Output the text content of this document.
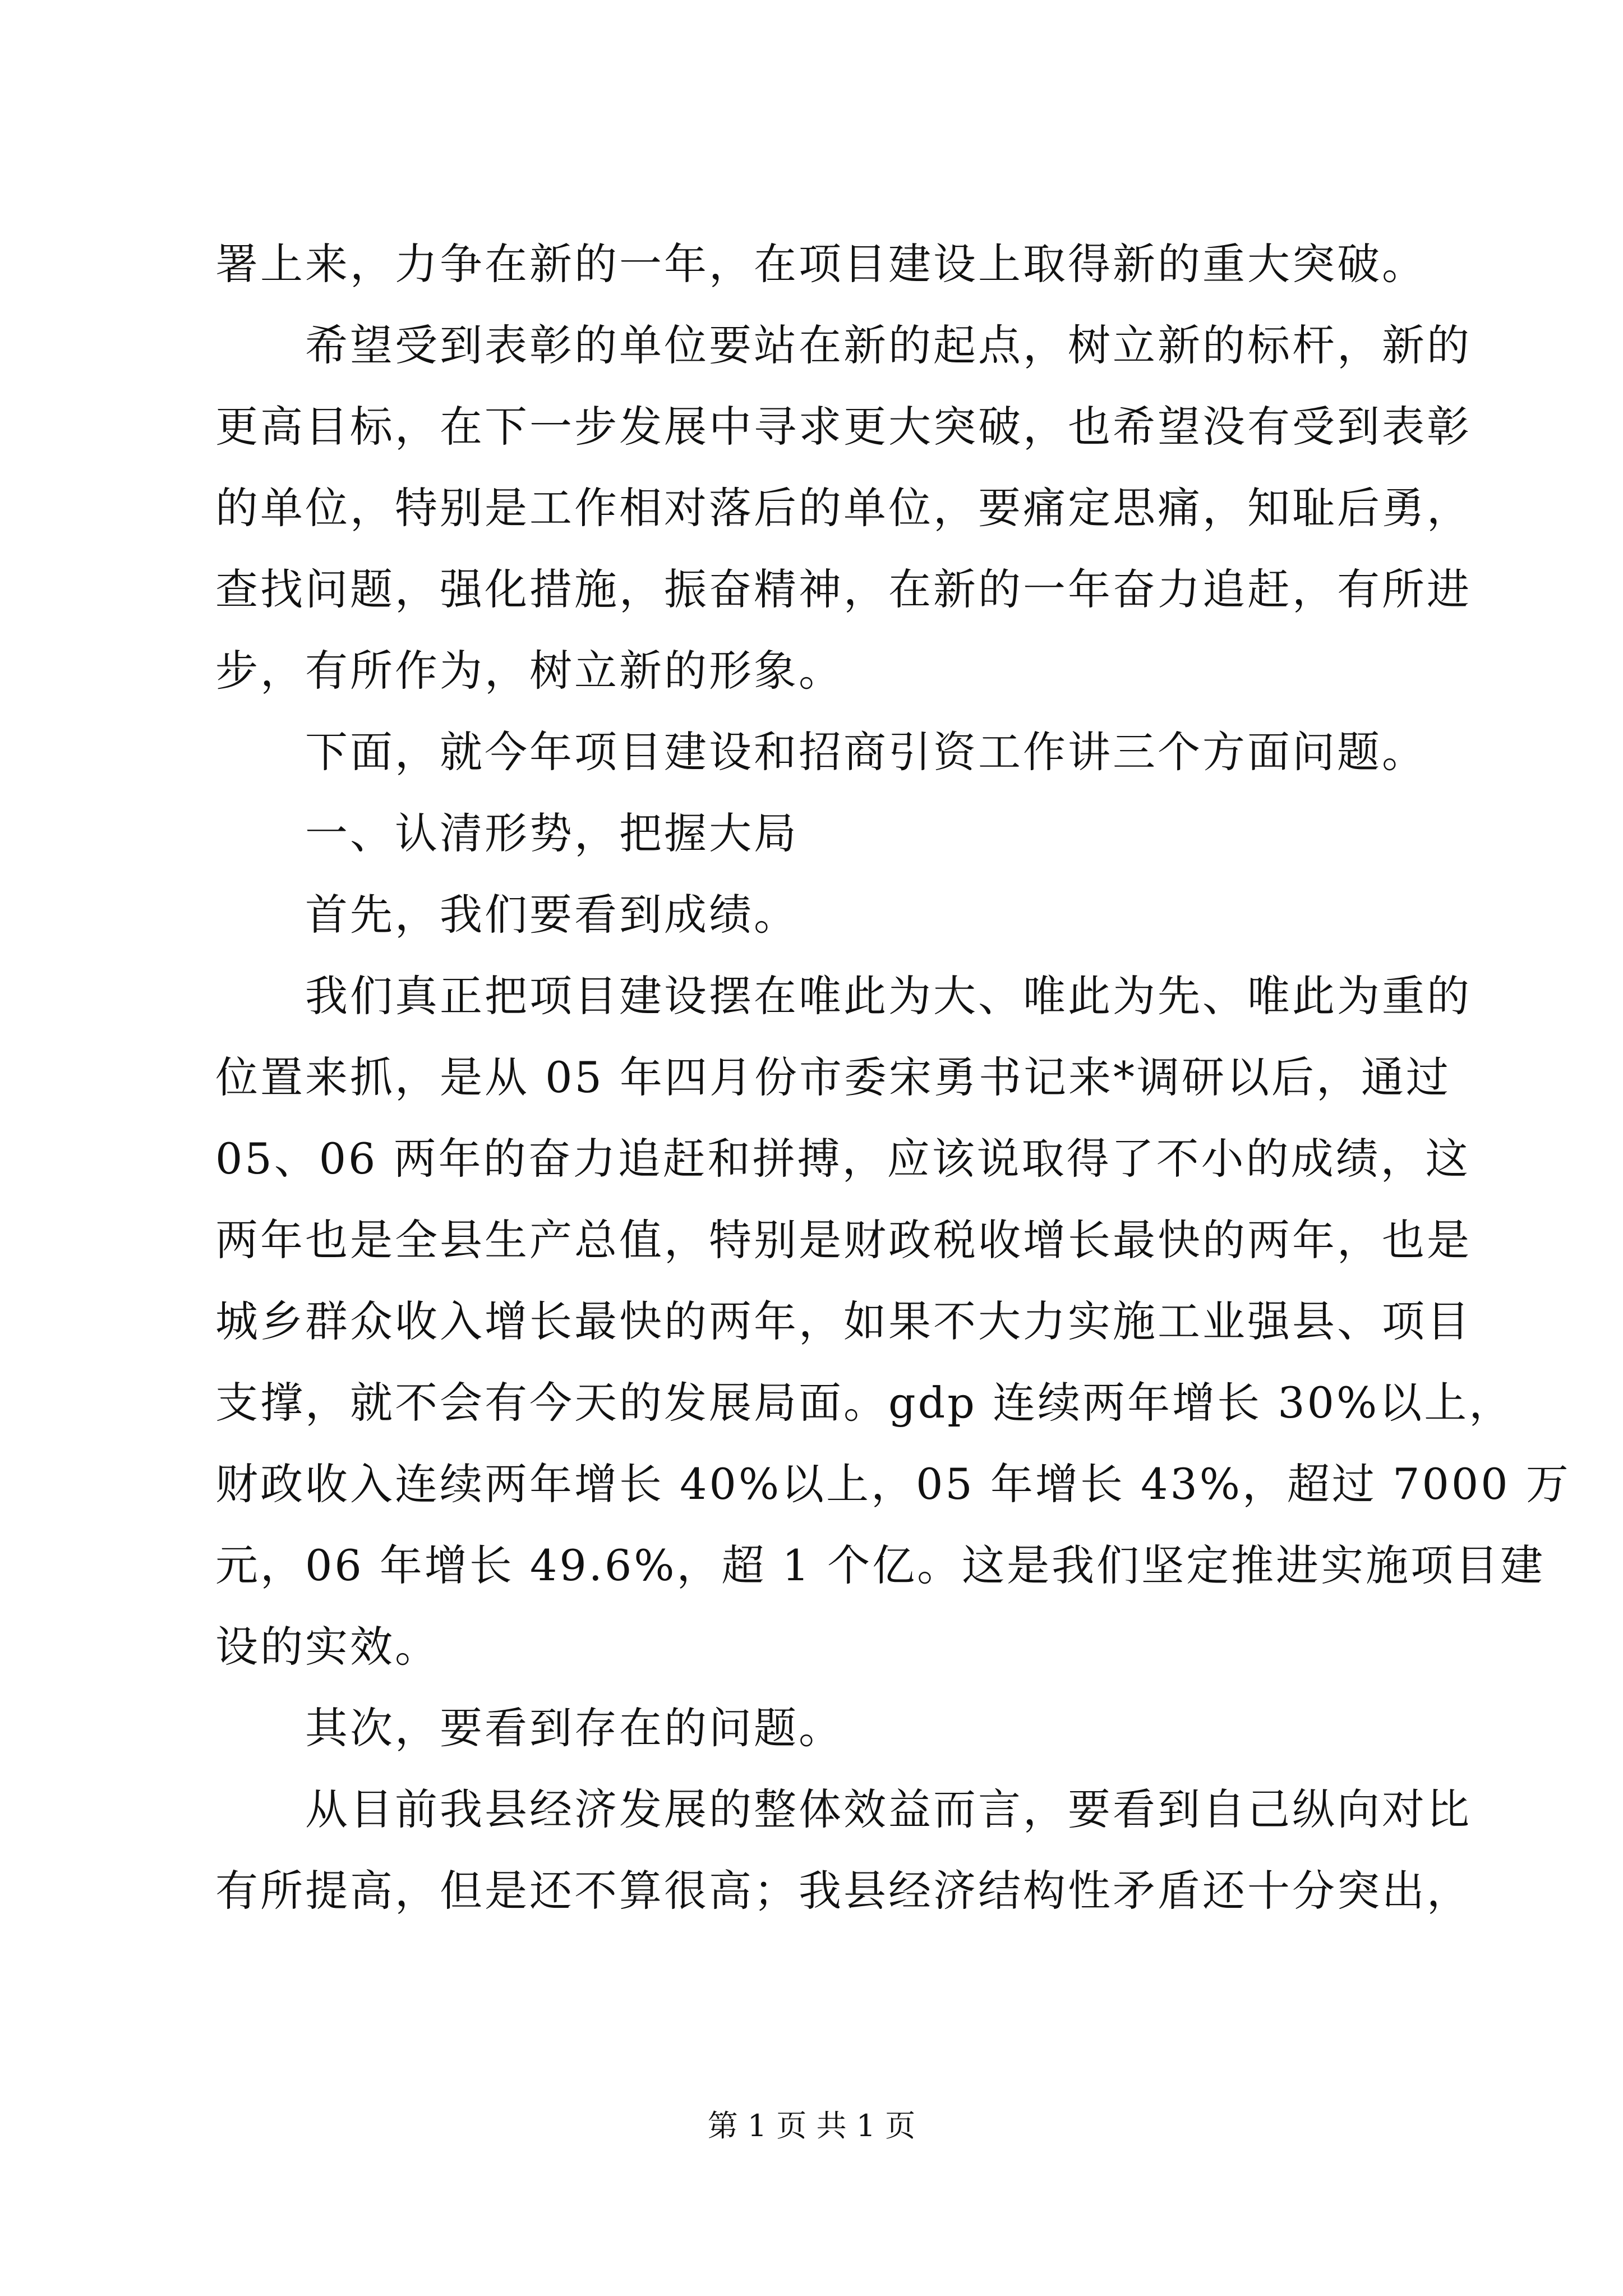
署上来，力争在新的一年，在项目建设上取得新的重大突破。
希望受到表彰的单位要站在新的起点，树立新的标杆，新的
更高目标，在下一步发展中寻求更大突破，也希望没有受到表彰
的单位，特别是工作相对落后的单位，要痛定思痛，知耻后勇，
查找问题，强化措施，振奋精神，在新的一年奋力追赶，有所进
步，有所作为，树立新的形象。
下面，就今年项目建设和招商引资工作讲三个方面问题。
一、认清形势，把握大局
首先，我们要看到成绩。
我们真正把项目建设摆在唯此为大、唯此为先、唯此为重的
位置来抓，是从 05 年四月份市委宋勇书记来*调研以后，通过
05、06 两年的奋力追赶和拼搏，应该说取得了不小的成绩，这
两年也是全县生产总值，特别是财政税收增长最快的两年，也是
城乡群众收入增长最快的两年，如果不大力实施工业强县、项目
支撑，就不会有今天的发展局面。gdp 连续两年增长 30%以上，
财政收入连续两年增长 40%以上，05 年增长 43%，超过 7000 万
元，06 年增长 49.6%，超 1 个亿。这是我们坚定推进实施项目建
设的实效。
其次，要看到存在的问题。
从目前我县经济发展的整体效益而言，要看到自己纵向对比
有所提高，但是还不算很高；我县经济结构性矛盾还十分突出，
第 1 页 共 1 页
